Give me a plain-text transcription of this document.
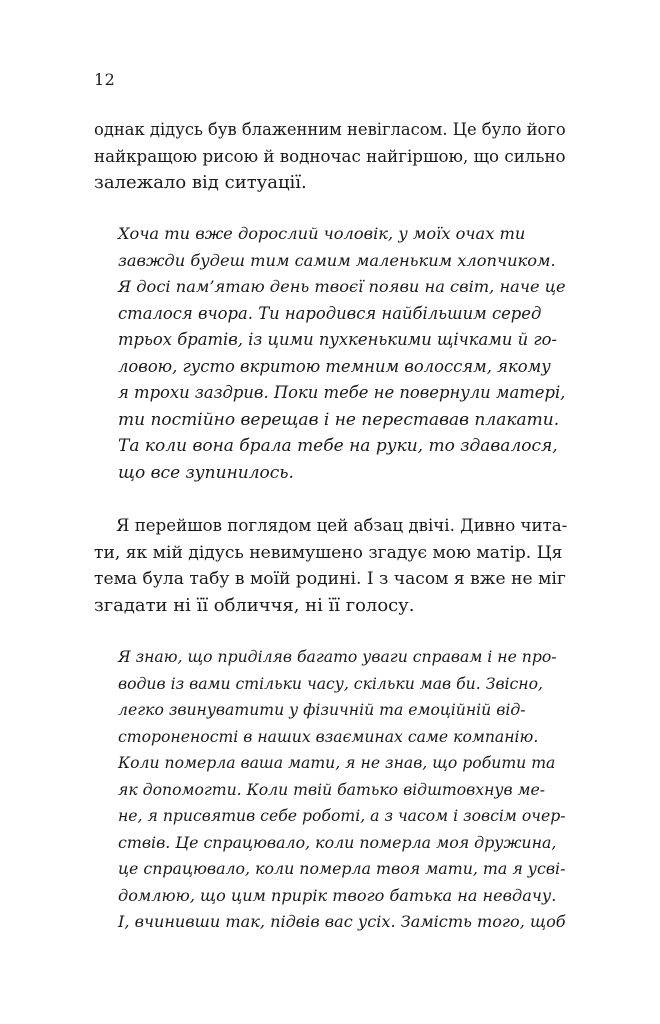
12

однак дідусь був блаженним невігласом. Це було його
найкращою рисою й водночас найгіршою, що сильно
залежало від ситуації.

Хоча ти вже дорослий чоловік, у моїх очах ти
завжди будеш тим самим маленьким хлопчиком.
Я досі пам’ятаю день твоєї появи на світ, наче це
сталося вчора. Ти народився найбільшим серед
трьох братів, із цими пухкенькими щічками й го-
ловою, густо вкритою темним волоссям, якому
я трохи заздрив. Поки тебе не повернули матері,
ти постійно верещав і не переставав плакати.
Та коли вона брала тебе на руки, то здавалося,
що все зупинилось.

Я перейшов поглядом цей абзац двічі. Дивно чита-
ти, як мій дідусь невимушено згадує мою матір. Ця
тема була табу в моїй родині. І з часом я вже не міг
згадати ні її обличчя, ні її голосу.

Я знаю, що приділяв багато уваги справам і не про-
водив із вами стільки часу, скільки мав би. Звісно,
легко звинуватити у фізичній та емоційній від-
стороненості в наших взаєминах саме компанію.
Коли померла ваша мати, я не знав, що робити та
як допомогти. Коли твій батько відштовхнув ме-
не, я присвятив себе роботі, а з часом і зовсім очер-
ствів. Це спрацювало, коли померла моя дружина,
це спрацювало, коли померла твоя мати, та я усві-
домлюю, що цим прирік твого батька на невдачу.
І, вчинивши так, підвів вас усіх. Замість того, щоб
